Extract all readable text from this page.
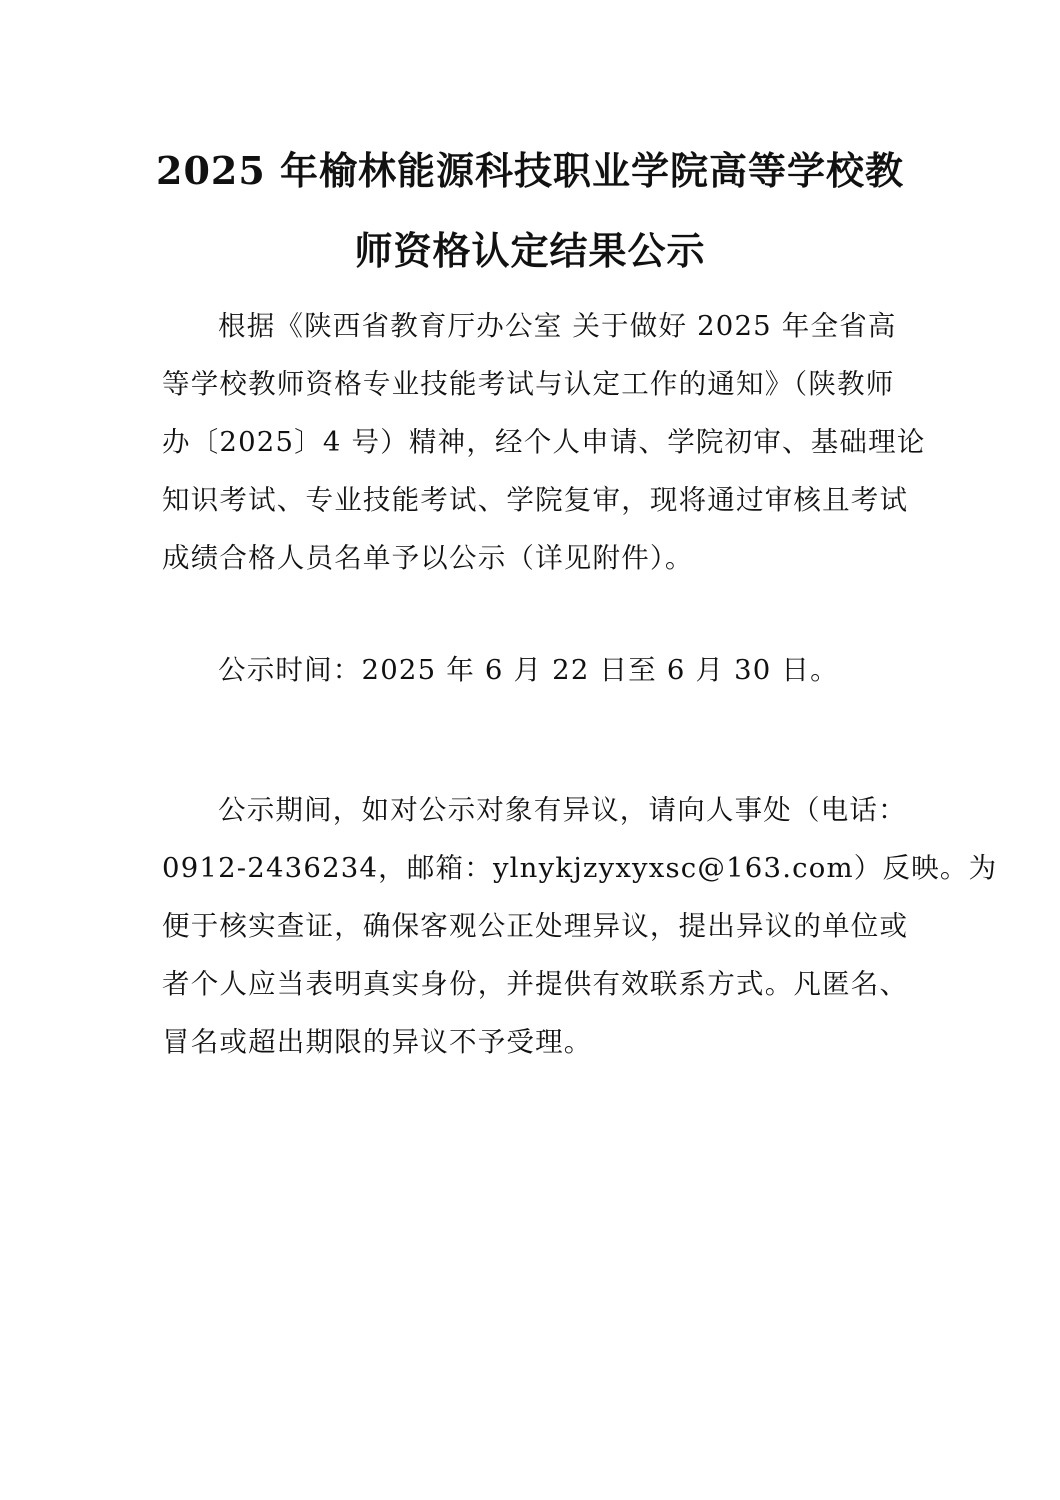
2025 年榆林能源科技职业学院高等学校教
师资格认定结果公示
根据《陕西省教育厅办公室 关于做好 2025 年全省高
等学校教师资格专业技能考试与认定工作的通知》（陕教师
办〔2025〕4 号）精神，经个人申请、学院初审、基础理论
知识考试、专业技能考试、学院复审，现将通过审核且考试
成绩合格人员名单予以公示（详见附件）。
公示时间：2025 年 6 月 22 日至 6 月 30 日。
公示期间，如对公示对象有异议，请向人事处（电话：
0912-2436234，邮箱：ylnykjzyxyxsc@163.com）反映。为
便于核实查证，确保客观公正处理异议，提出异议的单位或
者个人应当表明真实身份，并提供有效联系方式。凡匿名、
冒名或超出期限的异议不予受理。
